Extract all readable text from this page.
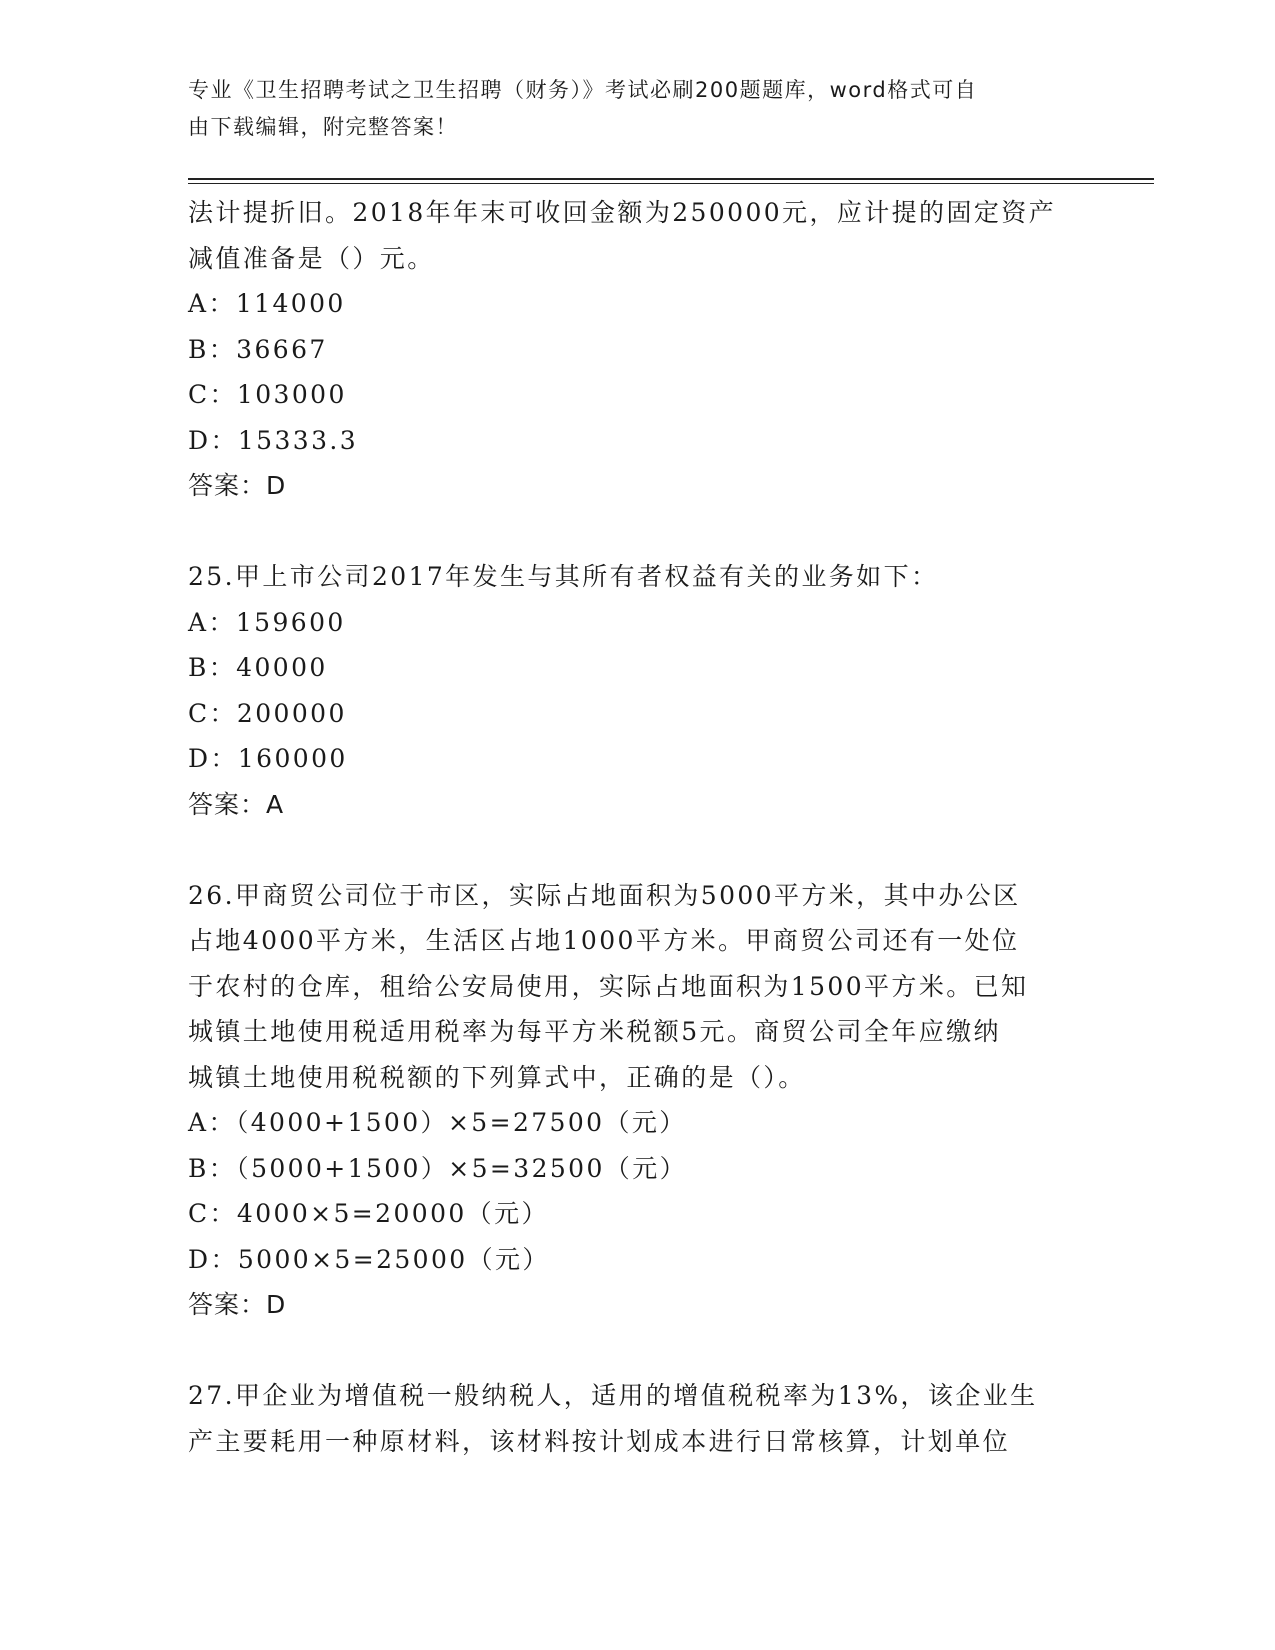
专业《卫生招聘考试之卫生招聘（财务）》考试必刷200题题库，word格式可自
由下载编辑，附完整答案！
法计提折旧。2018年年末可收回金额为250000元，应计提的固定资产
减值准备是（）元。
A：114000
B：36667
C：103000
D：15333.3
答案：D
25.甲上市公司2017年发生与其所有者权益有关的业务如下：
A：159600
B：40000
C：200000
D：160000
答案：A
26.甲商贸公司位于市区，实际占地面积为5000平方米，其中办公区
占地4000平方米，生活区占地1000平方米。甲商贸公司还有一处位
于农村的仓库，租给公安局使用，实际占地面积为1500平方米。已知
城镇土地使用税适用税率为每平方米税额5元。商贸公司全年应缴纳
城镇土地使用税税额的下列算式中，正确的是（）。
A：（4000+1500）×5=27500（元）
B：（5000+1500）×5=32500（元）
C：4000×5=20000（元）
D：5000×5=25000（元）
答案：D
27.甲企业为增值税一般纳税人，适用的增值税税率为13%，该企业生
产主要耗用一种原材料，该材料按计划成本进行日常核算，计划单位
